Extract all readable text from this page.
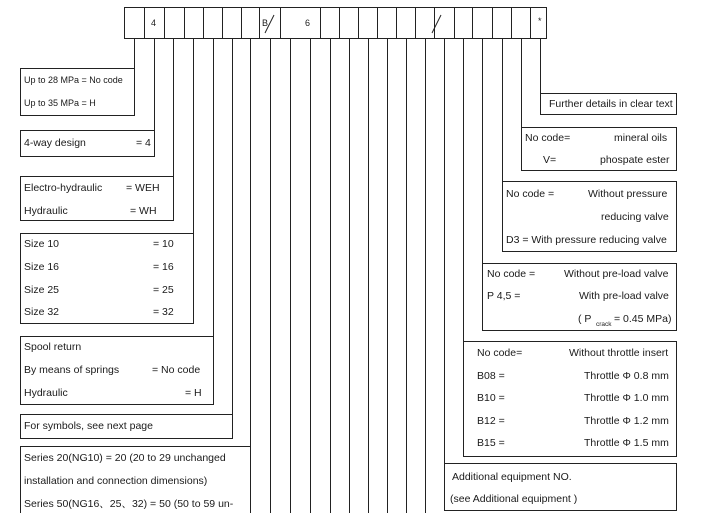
4	B	6	*
Up to 28 MPa = No code
Up to 35 MPa = H
4-way design	= 4
Electro-hydraulic = WEH
Hydraulic	= WH
Size 10	= 10
Size 16	= 16
Size 25	= 25
Size 32	= 32
Spool return
By means of springs	= No code
Hydraulic	= H
For symbols, see next page
Series 20(NG10) = 20 (20 to 29 unchanged
installation and connection dimensions)
Series 50(NG16、25、32) = 50 (50 to 59 un-
Further details in clear text
No code=	mineral oils
V=	phospate ester
No code =	Without pressure
reducing valve
D3 = With pressure reducing valve
No code =	Without pre-load valve
P 4,5 =	With pre-load valve
( P crack = 0.45 MPa)
No code=	Without throttle insert
B08 =	Throttle Φ 0.8 mm
B10 =	Throttle Φ 1.0 mm
B12 =	Throttle Φ 1.2 mm
B15 =	Throttle Φ 1.5 mm
Additional equipment NO.
(see Additional equipment )
